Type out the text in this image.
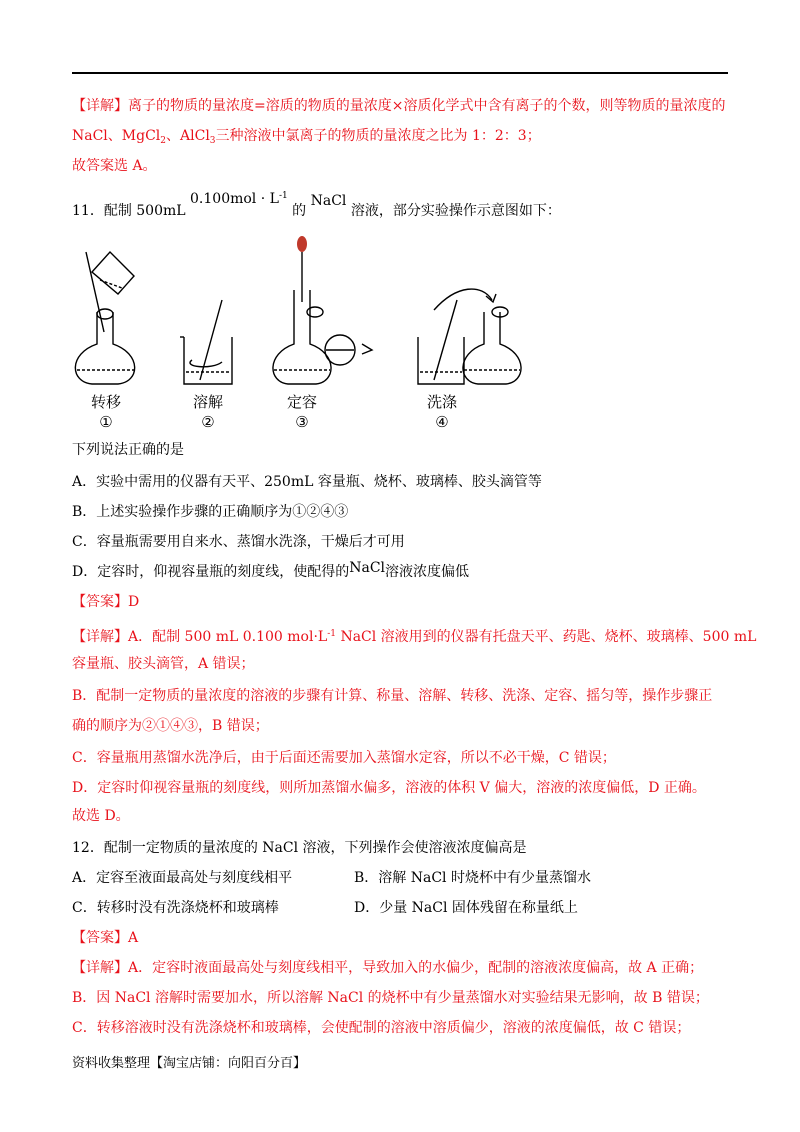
【详解】离子的物质的量浓度=溶质的物质的量浓度×溶质化学式中含有离子的个数，则等物质的量浓度的
NaCl、MgCl$_2$、AlCl$_3$三种溶液中氯离子的物质的量浓度之比为 1：2：3；
故答案选 A。
11．配制 500mL $0.100mol \cdot L^{-1}$ 的 NaCl 溶液，部分实验操作示意图如下：
转移
①
溶解
②
定容
③
洗涤
④
下列说法正确的是
A．实验中需用的仪器有天平、250mL 容量瓶、烧杯、玻璃棒、胶头滴管等
B．上述实验操作步骤的正确顺序为①②④③
C．容量瓶需要用自来水、蒸馏水洗涤，干燥后才可用
D．定容时，仰视容量瓶的刻度线，使配得的NaCl溶液浓度偏低
【答案】D
【详解】A．配制 500 mL 0.100 $mol\cdot L^{-1}$ NaCl 溶液用到的仪器有托盘天平、药匙、烧杯、玻璃棒、500 mL
容量瓶、胶头滴管，A 错误；
B．配制一定物质的量浓度的溶液的步骤有计算、称量、溶解、转移、洗涤、定容、摇匀等，操作步骤正
确的顺序为②①④③，B 错误；
C．容量瓶用蒸馏水洗净后，由于后面还需要加入蒸馏水定容，所以不必干燥，C 错误；
D．定容时仰视容量瓶的刻度线，则所加蒸馏水偏多，溶液的体积 V 偏大，溶液的浓度偏低，D 正确。
故选 D。
12．配制一定物质的量浓度的 NaCl 溶液，下列操作会使溶液浓度偏高是
A．定容至液面最高处与刻度线相平	B．溶解 NaCl 时烧杯中有少量蒸馏水
C．转移时没有洗涤烧杯和玻璃棒	D．少量 NaCl 固体残留在称量纸上
【答案】A
【详解】A．定容时液面最高处与刻度线相平，导致加入的水偏少，配制的溶液浓度偏高，故 A 正确；
B．因 NaCl 溶解时需要加水，所以溶解 NaCl 的烧杯中有少量蒸馏水对实验结果无影响，故 B 错误；
C．转移溶液时没有洗涤烧杯和玻璃棒，会使配制的溶液中溶质偏少，溶液的浓度偏低，故 C 错误；
资料收集整理【淘宝店铺：向阳百分百】
